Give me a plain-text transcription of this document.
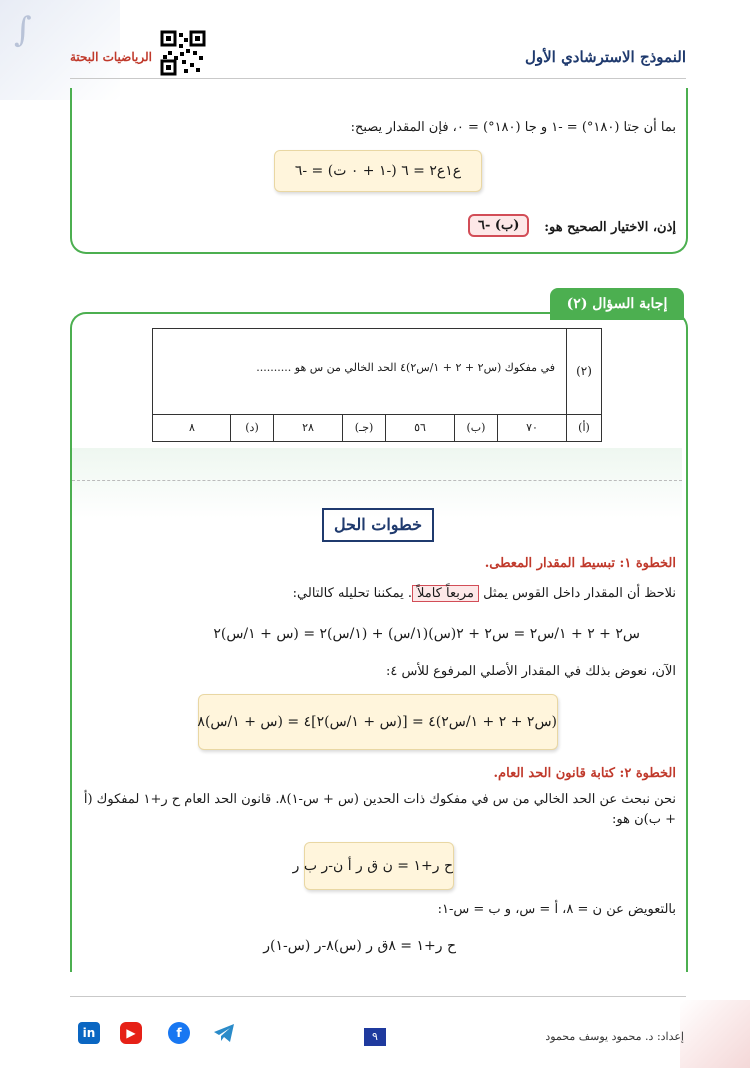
∫
النموذج الاسترشادي الأول
الرياضيات البحتة
بما أن جتا (١٨٠°) = -١ و جا (١٨٠°) = ٠، فإن المقدار يصبح:
ع١ع٢ = ٦ (-١ + ٠ ت) = -٦
إذن، الاختيار الصحيح هو:
(ب) -٦
إجابة السؤال (٢)
(٢)
في مفكوك (س٢ + ٢ + ١/س٢)٤ الحد الخالي من س هو ..........
(أ)
٧٠
(ب)
٥٦
(جـ)
٢٨
(د)
٨
خطوات الحل
الخطوة ١: تبسيط المقدار المعطى.
نلاحظ أن المقدار داخل القوس يمثل مربعاً كاملاً. يمكننا تحليله كالتالي:
س٢ + ٢ + ١/س٢ = س٢ + ٢(س)(١/س) + (١/س)٢ = (س + ١/س)٢
الآن، نعوض بذلك في المقدار الأصلي المرفوع للأس ٤:
(س٢ + ٢ + ١/س٢)٤ = [(س + ١/س)٢]٤ = (س + ١/س)٨
الخطوة ٢: كتابة قانون الحد العام.
نحن نبحث عن الحد الخالي من س في مفكوك ذات الحدين (س + س-١)٨. قانون الحد العام ح ر+١ لمفكوك (أ + ب)ن هو:
ح ر+١ = ن ق ر أ ن-ر ب ر
بالتعويض عن ن = ٨، أ = س، و ب = س-١:
ح ر+١ = ٨ق ر (س)٨-ر (س-١)ر
إعداد: د. محمود يوسف محمود
٩
in	▶	f
